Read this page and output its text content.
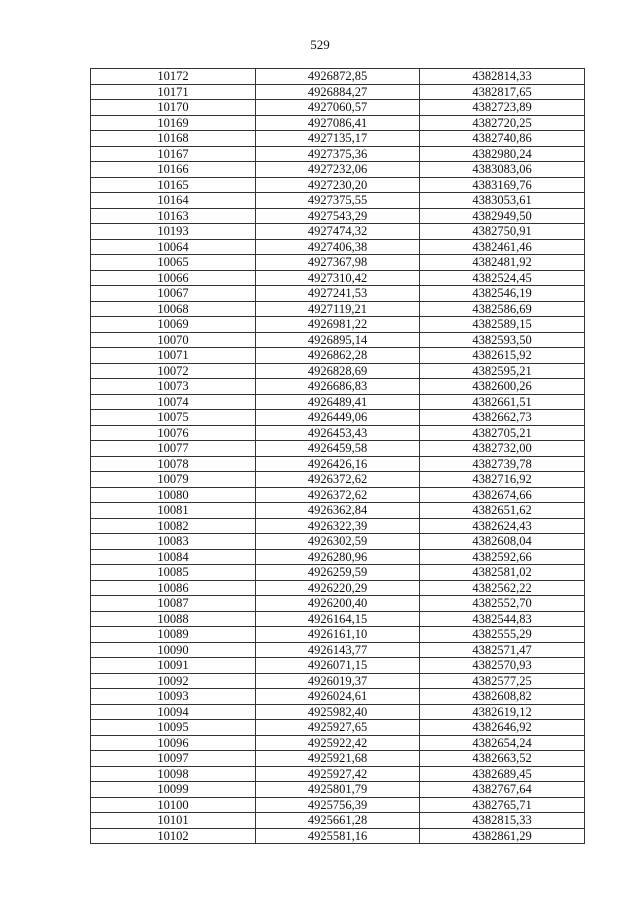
529
10172	4926872,85	4382814,33
10171	4926884,27	4382817,65
10170	4927060,57	4382723,89
10169	4927086,41	4382720,25
10168	4927135,17	4382740,86
10167	4927375,36	4382980,24
10166	4927232,06	4383083,06
10165	4927230,20	4383169,76
10164	4927375,55	4383053,61
10163	4927543,29	4382949,50
10193	4927474,32	4382750,91
10064	4927406,38	4382461,46
10065	4927367,98	4382481,92
10066	4927310,42	4382524,45
10067	4927241,53	4382546,19
10068	4927119,21	4382586,69
10069	4926981,22	4382589,15
10070	4926895,14	4382593,50
10071	4926862,28	4382615,92
10072	4926828,69	4382595,21
10073	4926686,83	4382600,26
10074	4926489,41	4382661,51
10075	4926449,06	4382662,73
10076	4926453,43	4382705,21
10077	4926459,58	4382732,00
10078	4926426,16	4382739,78
10079	4926372,62	4382716,92
10080	4926372,62	4382674,66
10081	4926362,84	4382651,62
10082	4926322,39	4382624,43
10083	4926302,59	4382608,04
10084	4926280,96	4382592,66
10085	4926259,59	4382581,02
10086	4926220,29	4382562,22
10087	4926200,40	4382552,70
10088	4926164,15	4382544,83
10089	4926161,10	4382555,29
10090	4926143,77	4382571,47
10091	4926071,15	4382570,93
10092	4926019,37	4382577,25
10093	4926024,61	4382608,82
10094	4925982,40	4382619,12
10095	4925927,65	4382646,92
10096	4925922,42	4382654,24
10097	4925921,68	4382663,52
10098	4925927,42	4382689,45
10099	4925801,79	4382767,64
10100	4925756,39	4382765,71
10101	4925661,28	4382815,33
10102	4925581,16	4382861,29
